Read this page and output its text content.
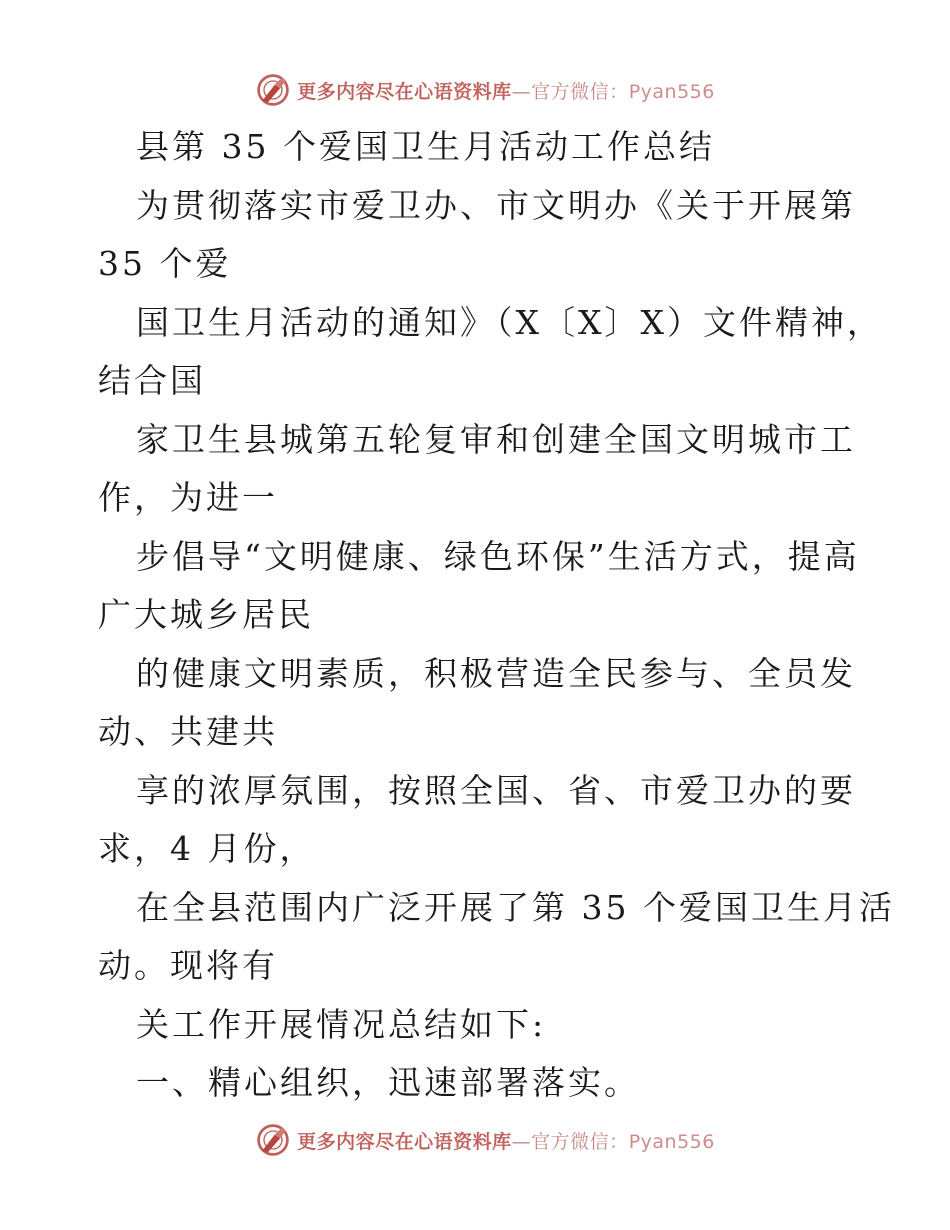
更多内容尽在心语资料库—官方微信：Pyan556
县第 35 个爱国卫生月活动工作总结
为贯彻落实市爱卫办、市文明办《关于开展第
35 个爱
国卫生月活动的通知》（X〔X〕X）文件精神，
结合国
家卫生县城第五轮复审和创建全国文明城市工
作，为进一
步倡导“文明健康、绿色环保”生活方式，提高
广大城乡居民
的健康文明素质，积极营造全民参与、全员发
动、共建共
享的浓厚氛围，按照全国、省、市爱卫办的要
求，4 月份，
在全县范围内广泛开展了第 35 个爱国卫生月活
动。现将有
关工作开展情况总结如下:
一、精心组织，迅速部署落实。
更多内容尽在心语资料库—官方微信：Pyan556
